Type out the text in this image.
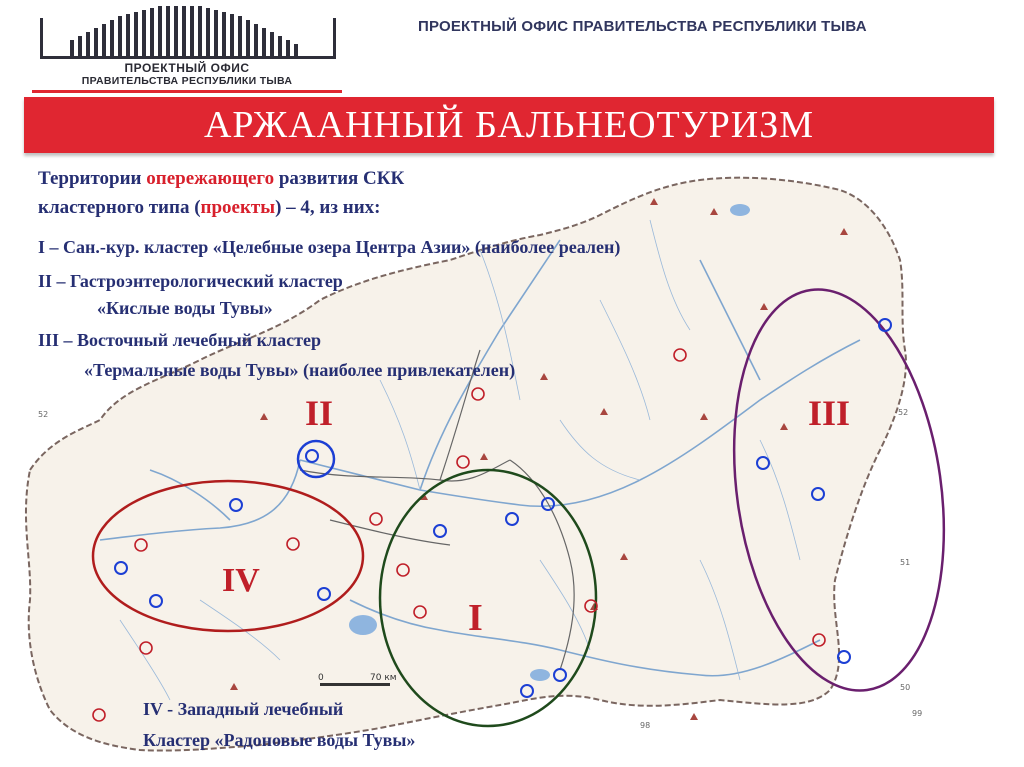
ПРОЕКТНЫЙ ОФИС
ПРАВИТЕЛЬСТВА РЕСПУБЛИКИ ТЫВА
ПРОЕКТНЫЙ ОФИС ПРАВИТЕЛЬСТВА РЕСПУБЛИКИ ТЫВА
АРЖААННЫЙ БАЛЬНЕОТУРИЗМ
52	52
51
50
99
98
0	70 км
Территории опережающего развития СКК
кластерного типа (проекты) – 4, из них:
I – Сан.-кур. кластер «Целебные озера Центра Азии» (наиболее реален)
II – Гастроэнтерологический кластер
«Кислые воды Тувы»
III – Восточный лечебный кластер
«Термальные воды Тувы» (наиболее привлекателен)
IV - Западный лечебный
Кластер «Радоновые воды Тувы»
II	III
IV
I
